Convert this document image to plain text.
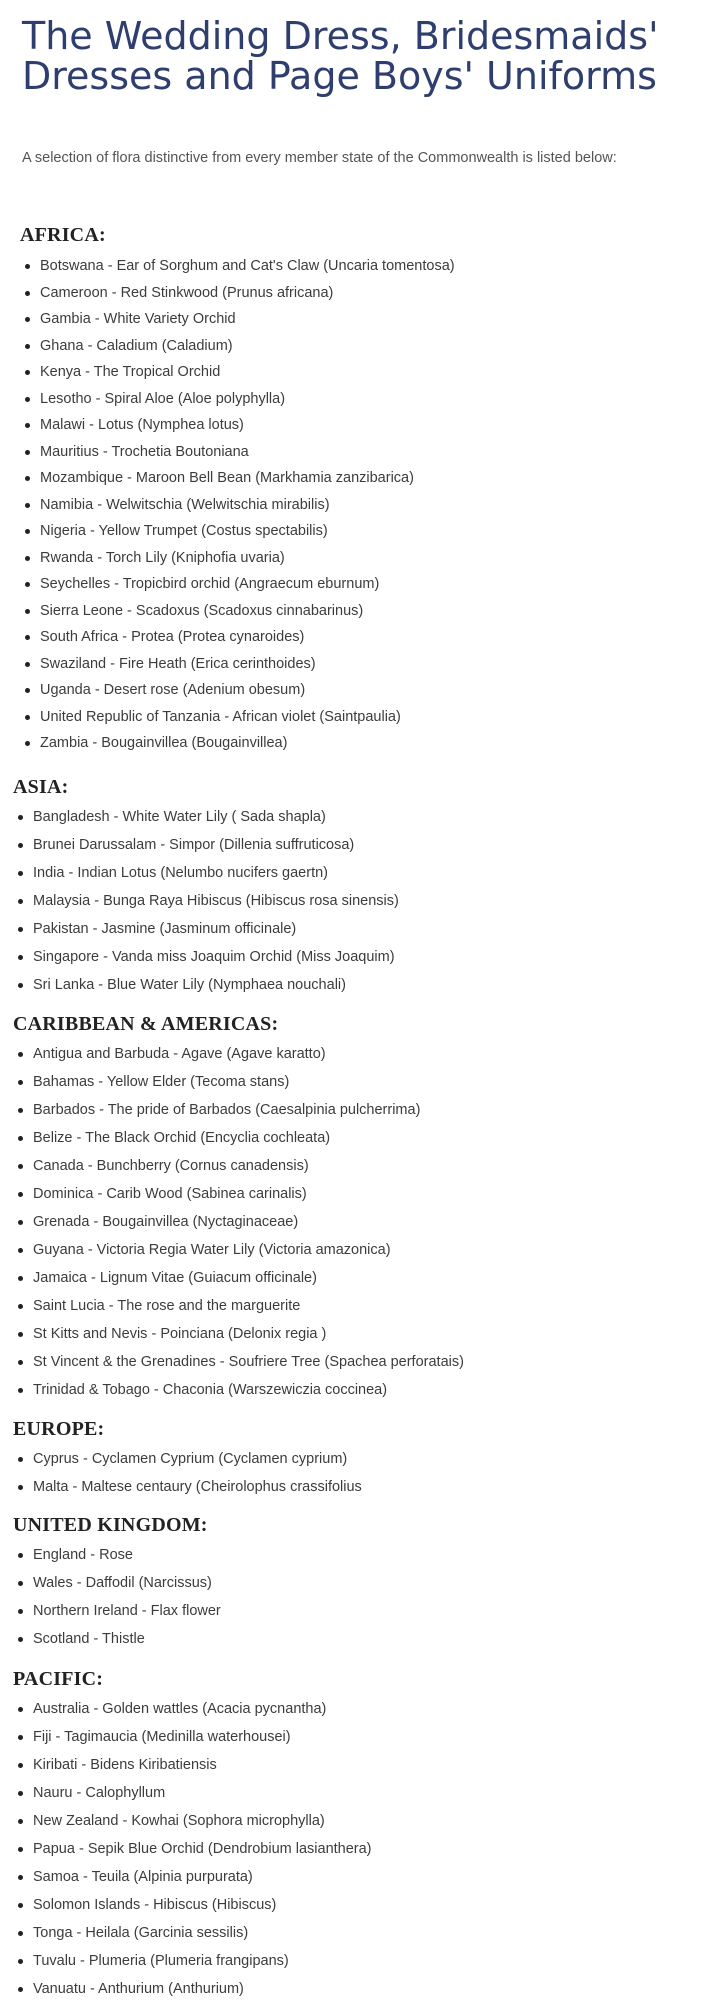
The Wedding Dress, Bridesmaids' Dresses and Page Boys' Uniforms

A selection of flora distinctive from every member state of the Commonwealth is listed below:

AFRICA:
Botswana - Ear of Sorghum and Cat's Claw (Uncaria tomentosa)
Cameroon - Red Stinkwood (Prunus africana)
Gambia - White Variety Orchid
Ghana - Caladium (Caladium)
Kenya - The Tropical Orchid
Lesotho - Spiral Aloe (Aloe polyphylla)
Malawi - Lotus (Nymphea lotus)
Mauritius - Trochetia Boutoniana
Mozambique - Maroon Bell Bean (Markhamia zanzibarica)
Namibia - Welwitschia (Welwitschia mirabilis)
Nigeria - Yellow Trumpet (Costus spectabilis)
Rwanda - Torch Lily (Kniphofia uvaria)
Seychelles - Tropicbird orchid (Angraecum eburnum)
Sierra Leone - Scadoxus (Scadoxus cinnabarinus)
South Africa - Protea (Protea cynaroides)
Swaziland - Fire Heath (Erica cerinthoides)
Uganda - Desert rose (Adenium obesum)
United Republic of Tanzania - African violet (Saintpaulia)
Zambia - Bougainvillea (Bougainvillea)
ASIA:
Bangladesh - White Water Lily ( Sada shapla)
Brunei Darussalam - Simpor (Dillenia suffruticosa)
India - Indian Lotus (Nelumbo nucifers gaertn)
Malaysia - Bunga Raya Hibiscus (Hibiscus rosa sinensis)
Pakistan - Jasmine (Jasminum officinale)
Singapore - Vanda miss Joaquim Orchid (Miss Joaquim)
Sri Lanka - Blue Water Lily (Nymphaea nouchali)
CARIBBEAN & AMERICAS:
Antigua and Barbuda - Agave (Agave karatto)
Bahamas - Yellow Elder (Tecoma stans)
Barbados - The pride of Barbados (Caesalpinia pulcherrima)
Belize - The Black Orchid (Encyclia cochleata)
Canada - Bunchberry (Cornus canadensis)
Dominica - Carib Wood (Sabinea carinalis)
Grenada - Bougainvillea (Nyctaginaceae)
Guyana - Victoria Regia Water Lily (Victoria amazonica)
Jamaica - Lignum Vitae (Guiacum officinale)
Saint Lucia - The rose and the marguerite
St Kitts and Nevis - Poinciana (Delonix regia )
St Vincent & the Grenadines - Soufriere Tree (Spachea perforatais)
Trinidad & Tobago - Chaconia (Warszewiczia coccinea)
EUROPE:
Cyprus - Cyclamen Cyprium (Cyclamen cyprium)
Malta - Maltese centaury (Cheirolophus crassifolius
UNITED KINGDOM:
England - Rose
Wales - Daffodil (Narcissus)
Northern Ireland - Flax flower
Scotland - Thistle
PACIFIC:
Australia - Golden wattles (Acacia pycnantha)
Fiji - Tagimaucia (Medinilla waterhousei)
Kiribati - Bidens Kiribatiensis
Nauru - Calophyllum
New Zealand - Kowhai (Sophora microphylla)
Papua - Sepik Blue Orchid (Dendrobium lasianthera)
Samoa - Teuila (Alpinia purpurata)
Solomon Islands - Hibiscus (Hibiscus)
Tonga - Heilala (Garcinia sessilis)
Tuvalu - Plumeria (Plumeria frangipans)
Vanuatu - Anthurium (Anthurium)
